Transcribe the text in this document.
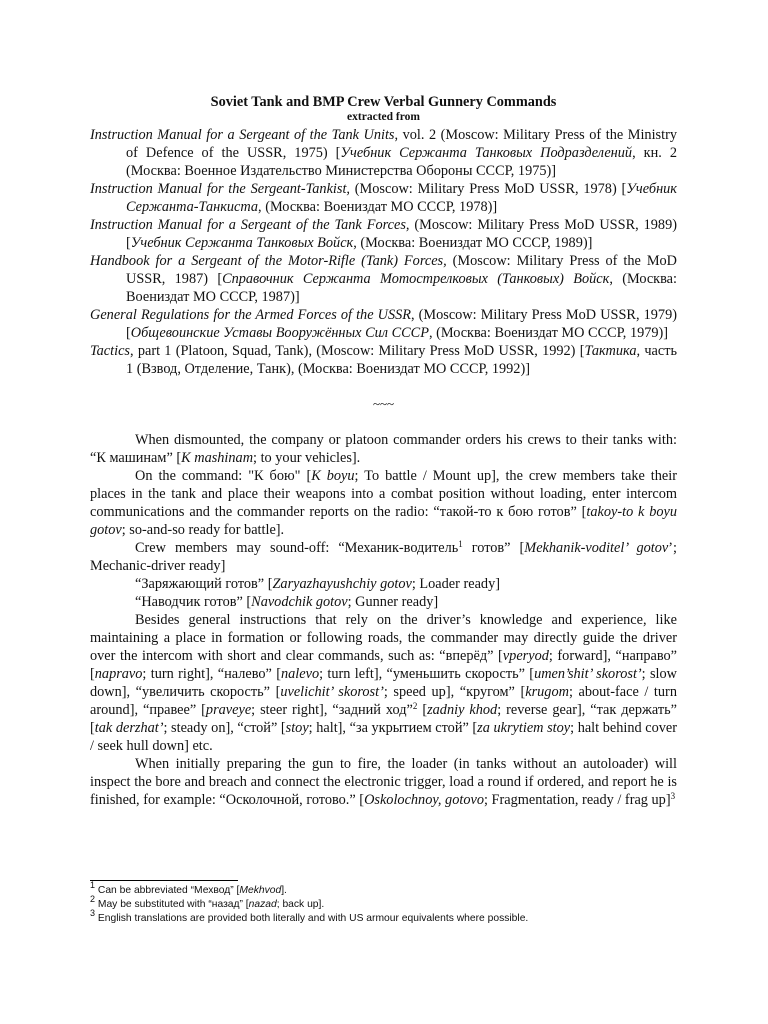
Soviet Tank and BMP Crew Verbal Gunnery Commands

extracted from

Instruction Manual for a Sergeant of the Tank Units, vol. 2 (Moscow: Military Press of the Ministry of Defence of the USSR, 1975) [Учебник Сержанта Танковых Подразделений, кн. 2 (Москва: Военное Издательство Министерства Обороны СССР, 1975)]

Instruction Manual for the Sergeant-Tankist, (Moscow: Military Press MoD USSR, 1978) [Учебник Сержанта-Танкиста, (Москва: Воениздат МО СССР, 1978)]

Instruction Manual for a Sergeant of the Tank Forces, (Moscow: Military Press MoD USSR, 1989) [Учебник Сержанта Танковых Войск, (Москва: Воениздат МО СССР, 1989)]

Handbook for a Sergeant of the Motor-Rifle (Tank) Forces, (Moscow: Military Press of the MoD USSR, 1987) [Справочник Сержанта Мотострелковых (Танковых) Войск, (Москва: Воениздат МО СССР, 1987)]

General Regulations for the Armed Forces of the USSR, (Moscow: Military Press MoD USSR, 1979) [Общевоинские Уставы Вооружённых Сил СССР, (Москва: Воениздат МО СССР, 1979)]

Tactics, part 1 (Platoon, Squad, Tank), (Moscow: Military Press MoD USSR, 1992) [Тактика, часть 1 (Взвод, Отделение, Танк), (Москва: Воениздат МО СССР, 1992)]

~~~

When dismounted, the company or platoon commander orders his crews to their tanks with: “К машинам” [K mashinam; to your vehicles].

On the command: "К бою" [K boyu; To battle / Mount up], the crew members take their places in the tank and place their weapons into a combat position without loading, enter intercom communications and the commander reports on the radio: “такой-то к бою готов” [takoy-to k boyu gotov; so-and-so ready for battle].

Crew members may sound-off: “Механик-водитель$^1$ готов” [Mekhanik-voditel’ gotov’; Mechanic-driver ready]

“Заряжающий готов” [Zaryazhayushchiy gotov; Loader ready]

“Наводчик готов” [Navodchik gotov; Gunner ready]

Besides general instructions that rely on the driver’s knowledge and experience, like maintaining a place in formation or following roads, the commander may directly guide the driver over the intercom with short and clear commands, such as: “вперёд” [vperyod; forward], “направо” [napravo; turn right], “налево” [nalevo; turn left], “уменьшить скорость” [umen’shit’ skorost’; slow down], “увеличить скорость” [uvelichit’ skorost’; speed up], “кругом” [krugom; about-face / turn around], “правее” [praveye; steer right], “задний ход”$^2$ [zadniy khod; reverse gear], “так держать” [tak derzhat’; steady on], “стой” [stoy; halt], “за укрытием стой” [za ukrytiem stoy; halt behind cover / seek hull down] etc.

When initially preparing the gun to fire, the loader (in tanks without an autoloader) will inspect the bore and breach and connect the electronic trigger, load a round if ordered, and report he is finished, for example: “Осколочной, готово.” [Oskolochnoy, gotovo; Fragmentation, ready / frag up]$^3$

$^1$ Can be abbreviated “Мехвод” [Mekhvod].

$^2$ May be substituted with “назад” [nazad; back up].

$^3$ English translations are provided both literally and with US armour equivalents where possible.
